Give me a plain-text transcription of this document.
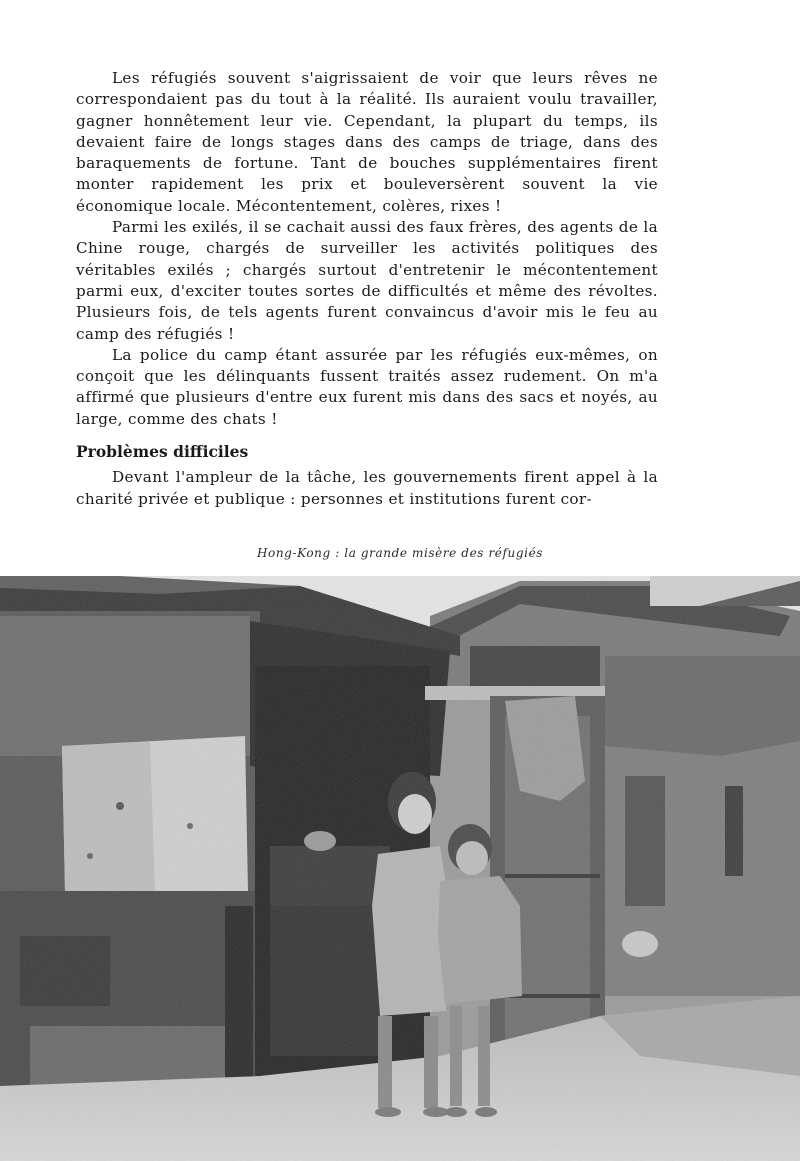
Les réfugiés souvent s'aigrissaient de voir que leurs rêves ne correspondaient pas du tout à la réalité. Ils auraient voulu travailler, gagner honnêtement leur vie. Cependant, la plupart du temps, ils devaient faire de longs stages dans des camps de triage, dans des baraquements de fortune. Tant de bouches supplémentaires firent monter rapidement les prix et bouleversèrent souvent la vie économique locale. Mécontentement, colères, rixes !

Parmi les exilés, il se cachait aussi des faux frères, des agents de la Chine rouge, chargés de surveiller les activités politiques des véritables exilés ; chargés surtout d'entretenir le mécontentement parmi eux, d'exciter toutes sortes de difficultés et même des révoltes. Plusieurs fois, de tels agents furent convaincus d'avoir mis le feu au camp des réfugiés !

La police du camp étant assurée par les réfugiés eux-mêmes, on conçoit que les délinquants fussent traités assez rudement. On m'a affirmé que plusieurs d'entre eux furent mis dans des sacs et noyés, au large, comme des chats !

Problèmes difficiles

Devant l'ampleur de la tâche, les gouvernements firent appel à la charité privée et publique : personnes et institutions furent cor-

Hong-Kong : la grande misère des réfugiés
